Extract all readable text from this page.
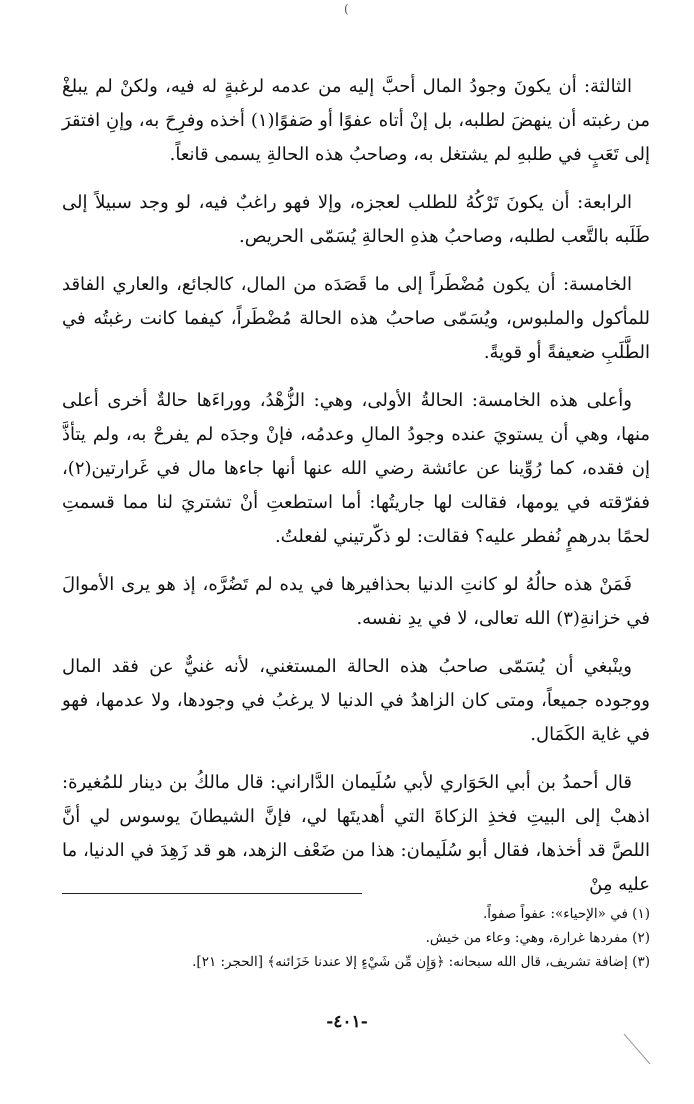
(

الثالثة: أن يكونَ وجودُ المال أحبَّ إليه من عدمه لرغبةٍ له فيه، ولكنْ لم يبلغْ من رغبته أن ينهضَ لطلبه، بل إنْ أتاه عفوًا أو صَفوًا(١) أخذه وفرِحَ به، وإنِ افتقرَ إلى تَعَبٍ في طلبهِ لم يشتغل به، وصاحبُ هذه الحالةِ يسمى قانعاً.

الرابعة: أن يكونَ تَرْكُهُ للطلب لعجزه، وإلا فهو راغبٌ فيه، لو وجد سبيلاً إلى طَلَبه بالتَّعب لطلبه، وصاحبُ هذهِ الحالةِ يُسَمّى الحريص.

الخامسة: أن يكون مُضْطَراً إلى ما قَصَدَه من المال، كالجائع، والعاري الفاقد للمأكول والملبوس، ويُسَمّى صاحبُ هذه الحالة مُضْطَراً، كيفما كانت رغبتُه في الطَّلَبِ ضعيفةً أو قويةً.

وأعلى هذه الخامسة: الحالةُ الأولى، وهي: الزُّهْدُ، ووراءَها حالةٌ أخرى أعلى منها، وهي أن يستويَ عنده وجودُ المالِ وعدمُه، فإنْ وجدَه لم يفرحْ به، ولم يتأذَّ إن فقده، كما رُوِّينا عن عائشة رضي الله عنها أنها جاءها مال في غَرارتين(٢)، ففرّقته في يومها، فقالت لها جاريتُها: أما استطعتِ أنْ تشتريَ لنا مما قسمتِ لحمًا بدرهمٍ نُفطر عليه؟ فقالت: لو ذكّرتيني لفعلتُ.

فَمَنْ هذه حالُهُ لو كانتِ الدنيا بحذافيرها في يده لم تَضُرَّه، إذ هو يرى الأموالَ في خزانةِ(٣) الله تعالى، لا في يدِ نفسه.

وينْبغي أن يُسَمّى صاحبُ هذه الحالة المستغني، لأنه غنيٌّ عن فقد المال ووجوده جميعاً، ومتى كان الزاهدُ في الدنيا لا يرغبُ في وجودها، ولا عدمها، فهو في غاية الكَمَال.

قال أحمدُ بن أبي الحَوَاري لأبي سُلَيمان الدَّاراني: قال مالكُ بن دينار للمُغيرة: اذهبْ إلى البيتِ فخذِ الزكاةَ التي أهديتَها لي، فإنَّ الشيطانَ يوسوس لي أنَّ اللصَّ قد أخذها، فقال أبو سُلَيمان: هذا من ضَعْف الزهد، هو قد زَهِدَ في الدنيا، ما عليه مِنْ

(١) في «الإحياء»: عفواً صفواً.

(٢) مفردها غرارة، وهي: وعاء من خيش.

(٣) إضافة تشريف، قال الله سبحانه: ﴿وَإِن مِّن شَيْءٍ إلا عندنا خَزَائنه﴾ [الحجر: ٢١].

-٤٠١-
